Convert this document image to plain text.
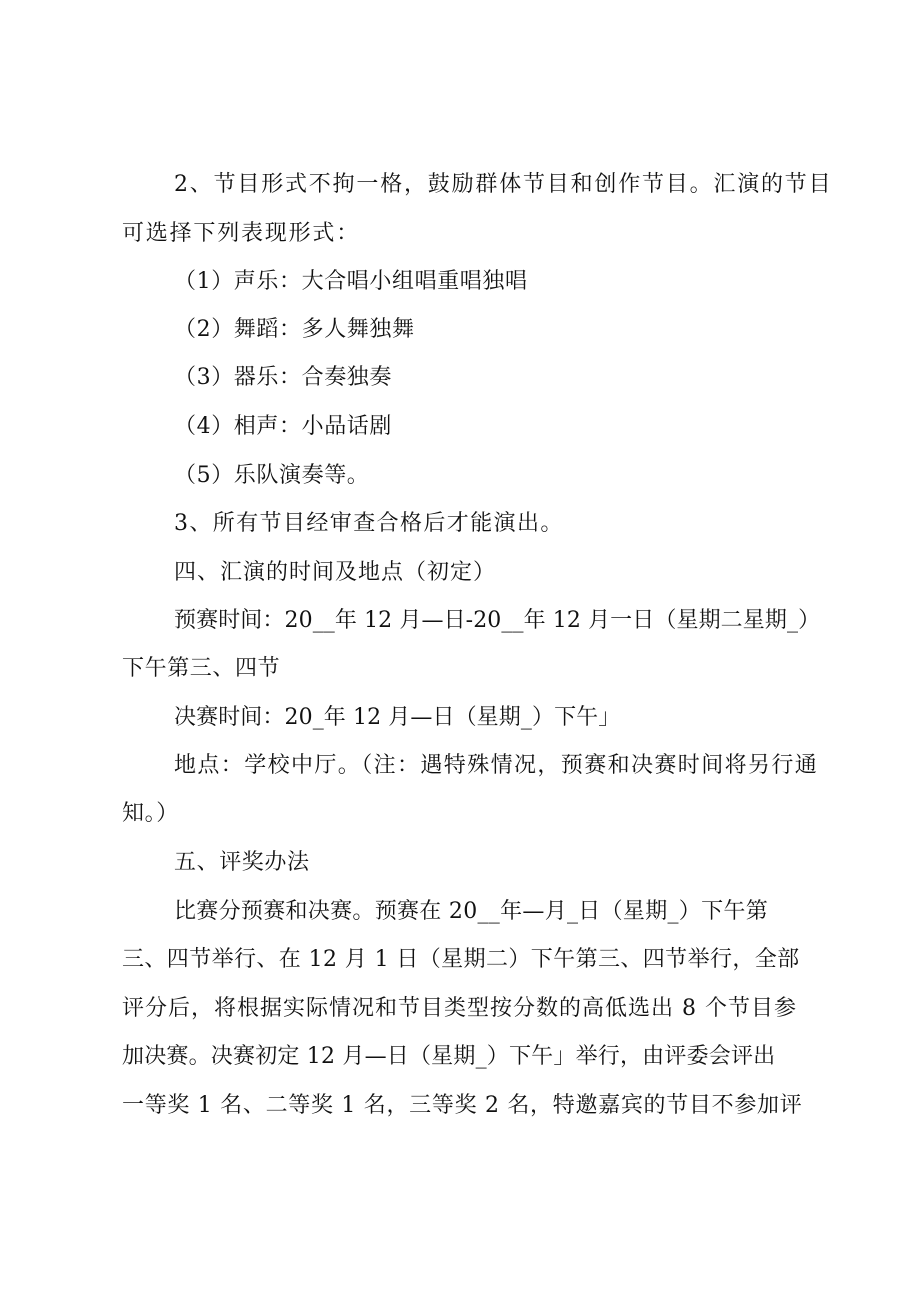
2、节目形式不拘一格，鼓励群体节目和创作节目。汇演的节目
可选择下列表现形式：
（1）声乐：大合唱小组唱重唱独唱
（2）舞蹈：多人舞独舞
（3）器乐：合奏独奏
（4）相声：小品话剧
（5）乐队演奏等。
3、所有节目经审查合格后才能演出。
四、汇演的时间及地点（初定）
预赛时间：20__年 12 月—日-20__年 12 月一日（星期二星期_）
下午第三、四节
决赛时间：20_年 12 月—日（星期_）下午」
地点：学校中厅。（注：遇特殊情况，预赛和决赛时间将另行通
知。）
五、评奖办法
比赛分预赛和决赛。预赛在 20__年—月_日（星期_）下午第
三、四节举行、在 12 月 1 日（星期二）下午第三、四节举行，全部
评分后，将根据实际情况和节目类型按分数的高低选出 8 个节目参
加决赛。决赛初定 12 月—日（星期_）下午」举行，由评委会评出
一等奖 1 名、二等奖 1 名，三等奖 2 名，特邀嘉宾的节目不参加评
